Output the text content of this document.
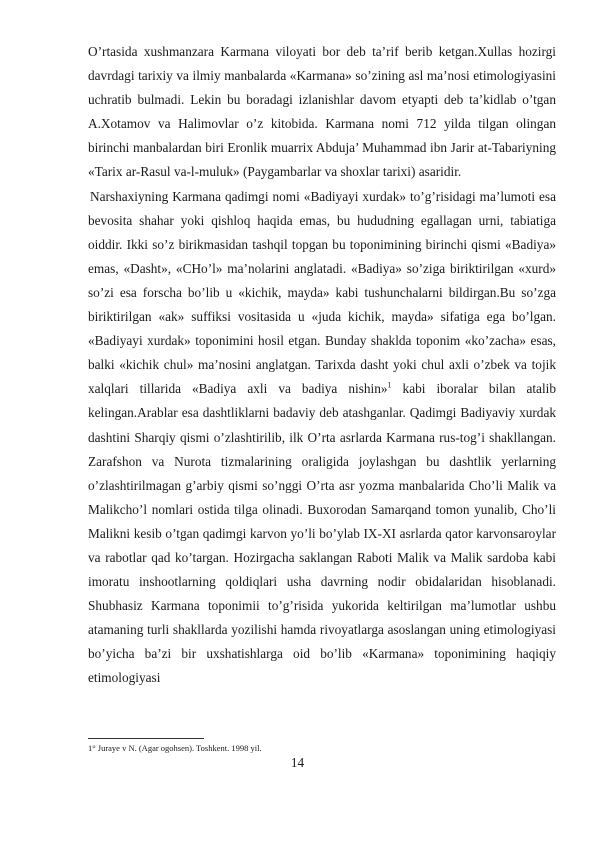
O’rtasida xushmanzara Karmana viloyati bor deb ta’rif berib ketgan.Xullas hozirgi davrdagi tarixiy va ilmiy manbalarda «Karmana» so’zining asl ma’nosi etimologiyasini uchratib bulmadi. Lekin bu boradagi izlanishlar davom etyapti deb ta’kidlab o’tgan A.Xotamov va Halimovlar o’z kitobida. Karmana nomi 712 yilda tilgan olingan birinchi manbalardan biri Eronlik muarrix Abduja’ Muhammad ibn Jarir at-Tabariyning «Tarix ar-Rasul va-l-muluk» (Paygambarlar va shoxlar tarixi) asaridir.

Narshaxiyning Karmana qadimgi nomi «Badiyayi xurdak» to’g’risidagi ma’lumoti esa bevosita shahar yoki qishloq haqida emas, bu hududning egallagan urni, tabiatiga oiddir. Ikki so’z birikmasidan tashqil topgan bu toponimining birinchi qismi «Badiya» emas, «Dasht», «CHo’l» ma’nolarini anglatadi. «Badiya» so’ziga biriktirilgan «xurd» so’zi esa forscha bo’lib u «kichik, mayda» kabi tushunchalarni bildirgan.Bu so’zga biriktirilgan «ak» suffiksi vositasida u «juda kichik, mayda» sifatiga ega bo’lgan. «Badiyayi xurdak» toponimini hosil etgan. Bunday shaklda toponim «ko’zacha» esas, balki «kichik chul» ma’nosini anglatgan. Tarixda dasht yoki chul axli o’zbek va tojik xalqlari tillarida «Badiya axli va badiya nishin»$^1$ kabi iboralar bilan atalib kelingan.Arablar esa dashtliklarni badaviy deb atashganlar. Qadimgi Badiyaviy xurdak dashtini Sharqiy qismi o’zlashtirilib, ilk O’rta asrlarda Karmana rus-tog’i shakllangan. Zarafshon va Nurota tizmalarining oraligida joylashgan bu dashtlik yerlarning o’zlashtirilmagan g’arbiy qismi so’nggi O’rta asr yozma manbalarida Cho’li Malik va Malikcho’l nomlari ostida tilga olinadi. Buxorodan Samarqand tomon yunalib, Cho’li Malikni kesib o’tgan qadimgi karvon yo’li bo’ylab IX-XI asrlarda qator karvonsaroylar va rabotlar qad ko’targan. Hozirgacha saklangan Raboti Malik va Malik sardoba kabi imoratu inshootlarning qoldiqlari usha davrning nodir obidalaridan hisoblanadi. Shubhasiz Karmana toponimii to’g’risida yukorida keltirilgan ma’lumotlar ushbu atamaning turli shakllarda yozilishi hamda rivoyatlarga asoslangan uning etimologiyasi bo’yicha ba’zi bir uxshatishlarga oid bo’lib «Karmana» toponimining haqiqiy etimologiyasi

1° Juraye v N. (Agar ogohsen). Toshkent. 1998 yil.
14
